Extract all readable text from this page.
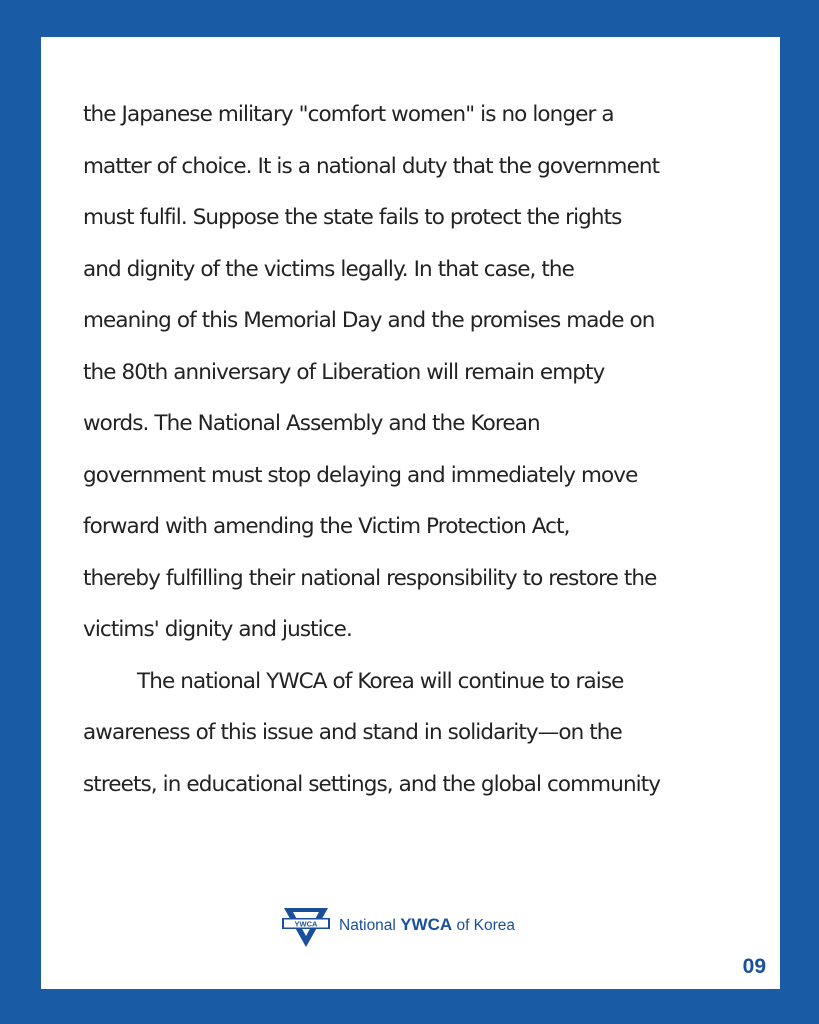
the Japanese military "comfort women" is no longer a
matter of choice. It is a national duty that the government
must fulfil. Suppose the state fails to protect the rights
and dignity of the victims legally. In that case, the
meaning of this Memorial Day and the promises made on
the 80th anniversary of Liberation will remain empty
words. The National Assembly and the Korean
government must stop delaying and immediately move
forward with amending the Victim Protection Act,
thereby fulfilling their national responsibility to restore the
victims' dignity and justice.

The national YWCA of Korea will continue to raise
awareness of this issue and stand in solidarity—on the
streets, in educational settings, and the global community

YWCA National YWCA of Korea
09
